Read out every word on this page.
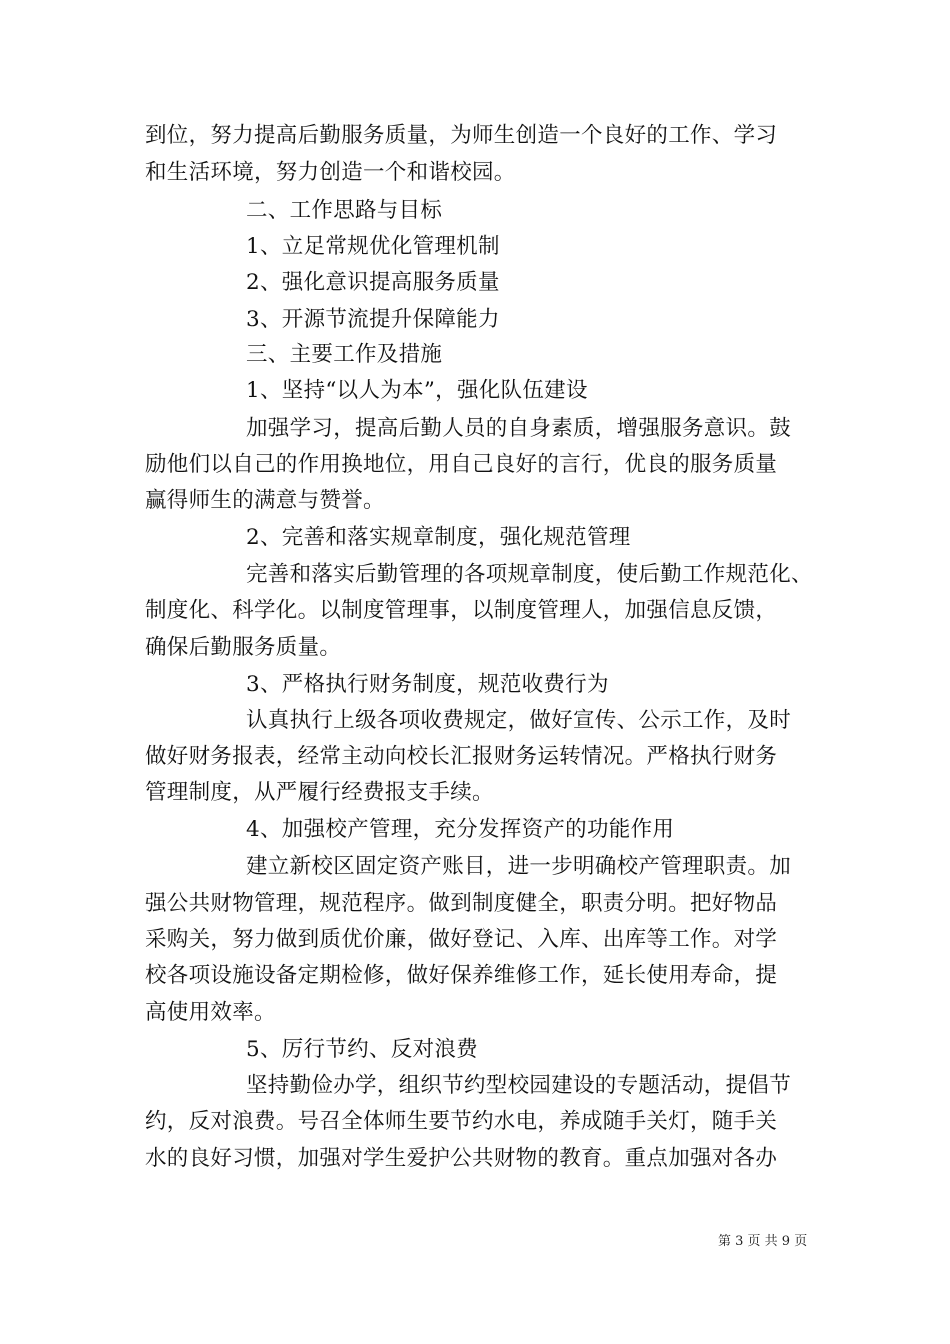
到位，努力提高后勤服务质量，为师生创造一个良好的工作、学习
和生活环境，努力创造一个和谐校园。
二、工作思路与目标
1、立足常规优化管理机制
2、强化意识提高服务质量
3、开源节流提升保障能力
三、主要工作及措施
1、坚持“以人为本”，强化队伍建设
加强学习，提高后勤人员的自身素质，增强服务意识。鼓
励他们以自己的作用换地位，用自己良好的言行，优良的服务质量
赢得师生的满意与赞誉。
2、完善和落实规章制度，强化规范管理
完善和落实后勤管理的各项规章制度，使后勤工作规范化、
制度化、科学化。以制度管理事，以制度管理人，加强信息反馈，
确保后勤服务质量。
3、严格执行财务制度，规范收费行为
认真执行上级各项收费规定，做好宣传、公示工作，及时
做好财务报表，经常主动向校长汇报财务运转情况。严格执行财务
管理制度，从严履行经费报支手续。
4、加强校产管理，充分发挥资产的功能作用
建立新校区固定资产账目，进一步明确校产管理职责。加
强公共财物管理，规范程序。做到制度健全，职责分明。把好物品
采购关，努力做到质优价廉，做好登记、入库、出库等工作。对学
校各项设施设备定期检修，做好保养维修工作，延长使用寿命，提
高使用效率。
5、厉行节约、反对浪费
坚持勤俭办学，组织节约型校园建设的专题活动，提倡节
约，反对浪费。号召全体师生要节约水电，养成随手关灯，随手关
水的良好习惯，加强对学生爱护公共财物的教育。重点加强对各办
第 3 页 共 9 页
